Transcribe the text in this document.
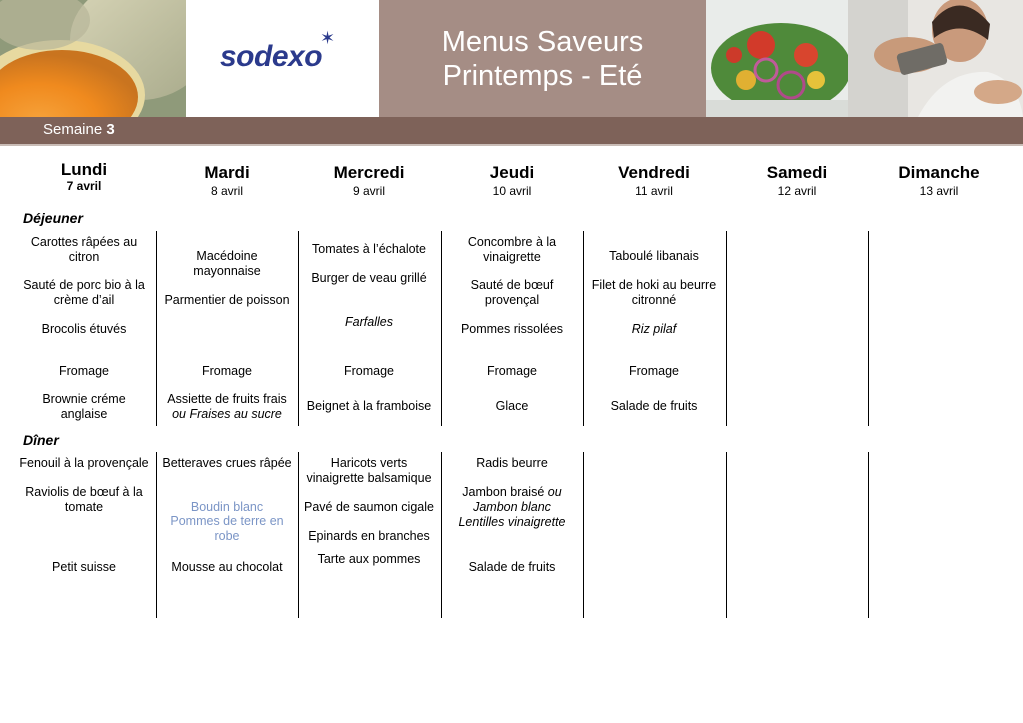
sodexo
✶	Menus Saveurs
Printemps - Eté
Semaine 3
Lundi
7 avril
Mardi
8 avril
Mercredi
9 avril
Jeudi
10 avril
Vendredi
11 avril
Samedi
12 avril
Dimanche
13 avril
Déjeuner
Dîner
Carottes râpées au citron
Sauté de porc bio à la crème d’ail
Brocolis étuvés
Fromage
Brownie créme anglaise
Macédoine mayonnaise
Parmentier de poisson
Fromage
Assiette de fruits frais
ou Fraises au sucre
Tomates à l’échalote
Burger de veau grillé
Farfalles
Fromage
Beignet à la framboise
Concombre à la vinaigrette
Sauté de bœuf provençal
Pommes rissolées
Fromage
Glace
Taboulé libanais
Filet de hoki au beurre citronné
Riz pilaf
Fromage
Salade de fruits
Fenouil à la provençale
Raviolis de bœuf à la tomate
Petit suisse
Betteraves crues râpée
Boudin blanc
Pommes de terre en robe
Mousse au chocolat
Haricots verts vinaigrette balsamique
Pavé de saumon cigale
Epinards en branches
Tarte aux pommes
Radis beurre
Jambon braisé ou
Jambon blanc
Lentilles vinaigrette
Salade de fruits
